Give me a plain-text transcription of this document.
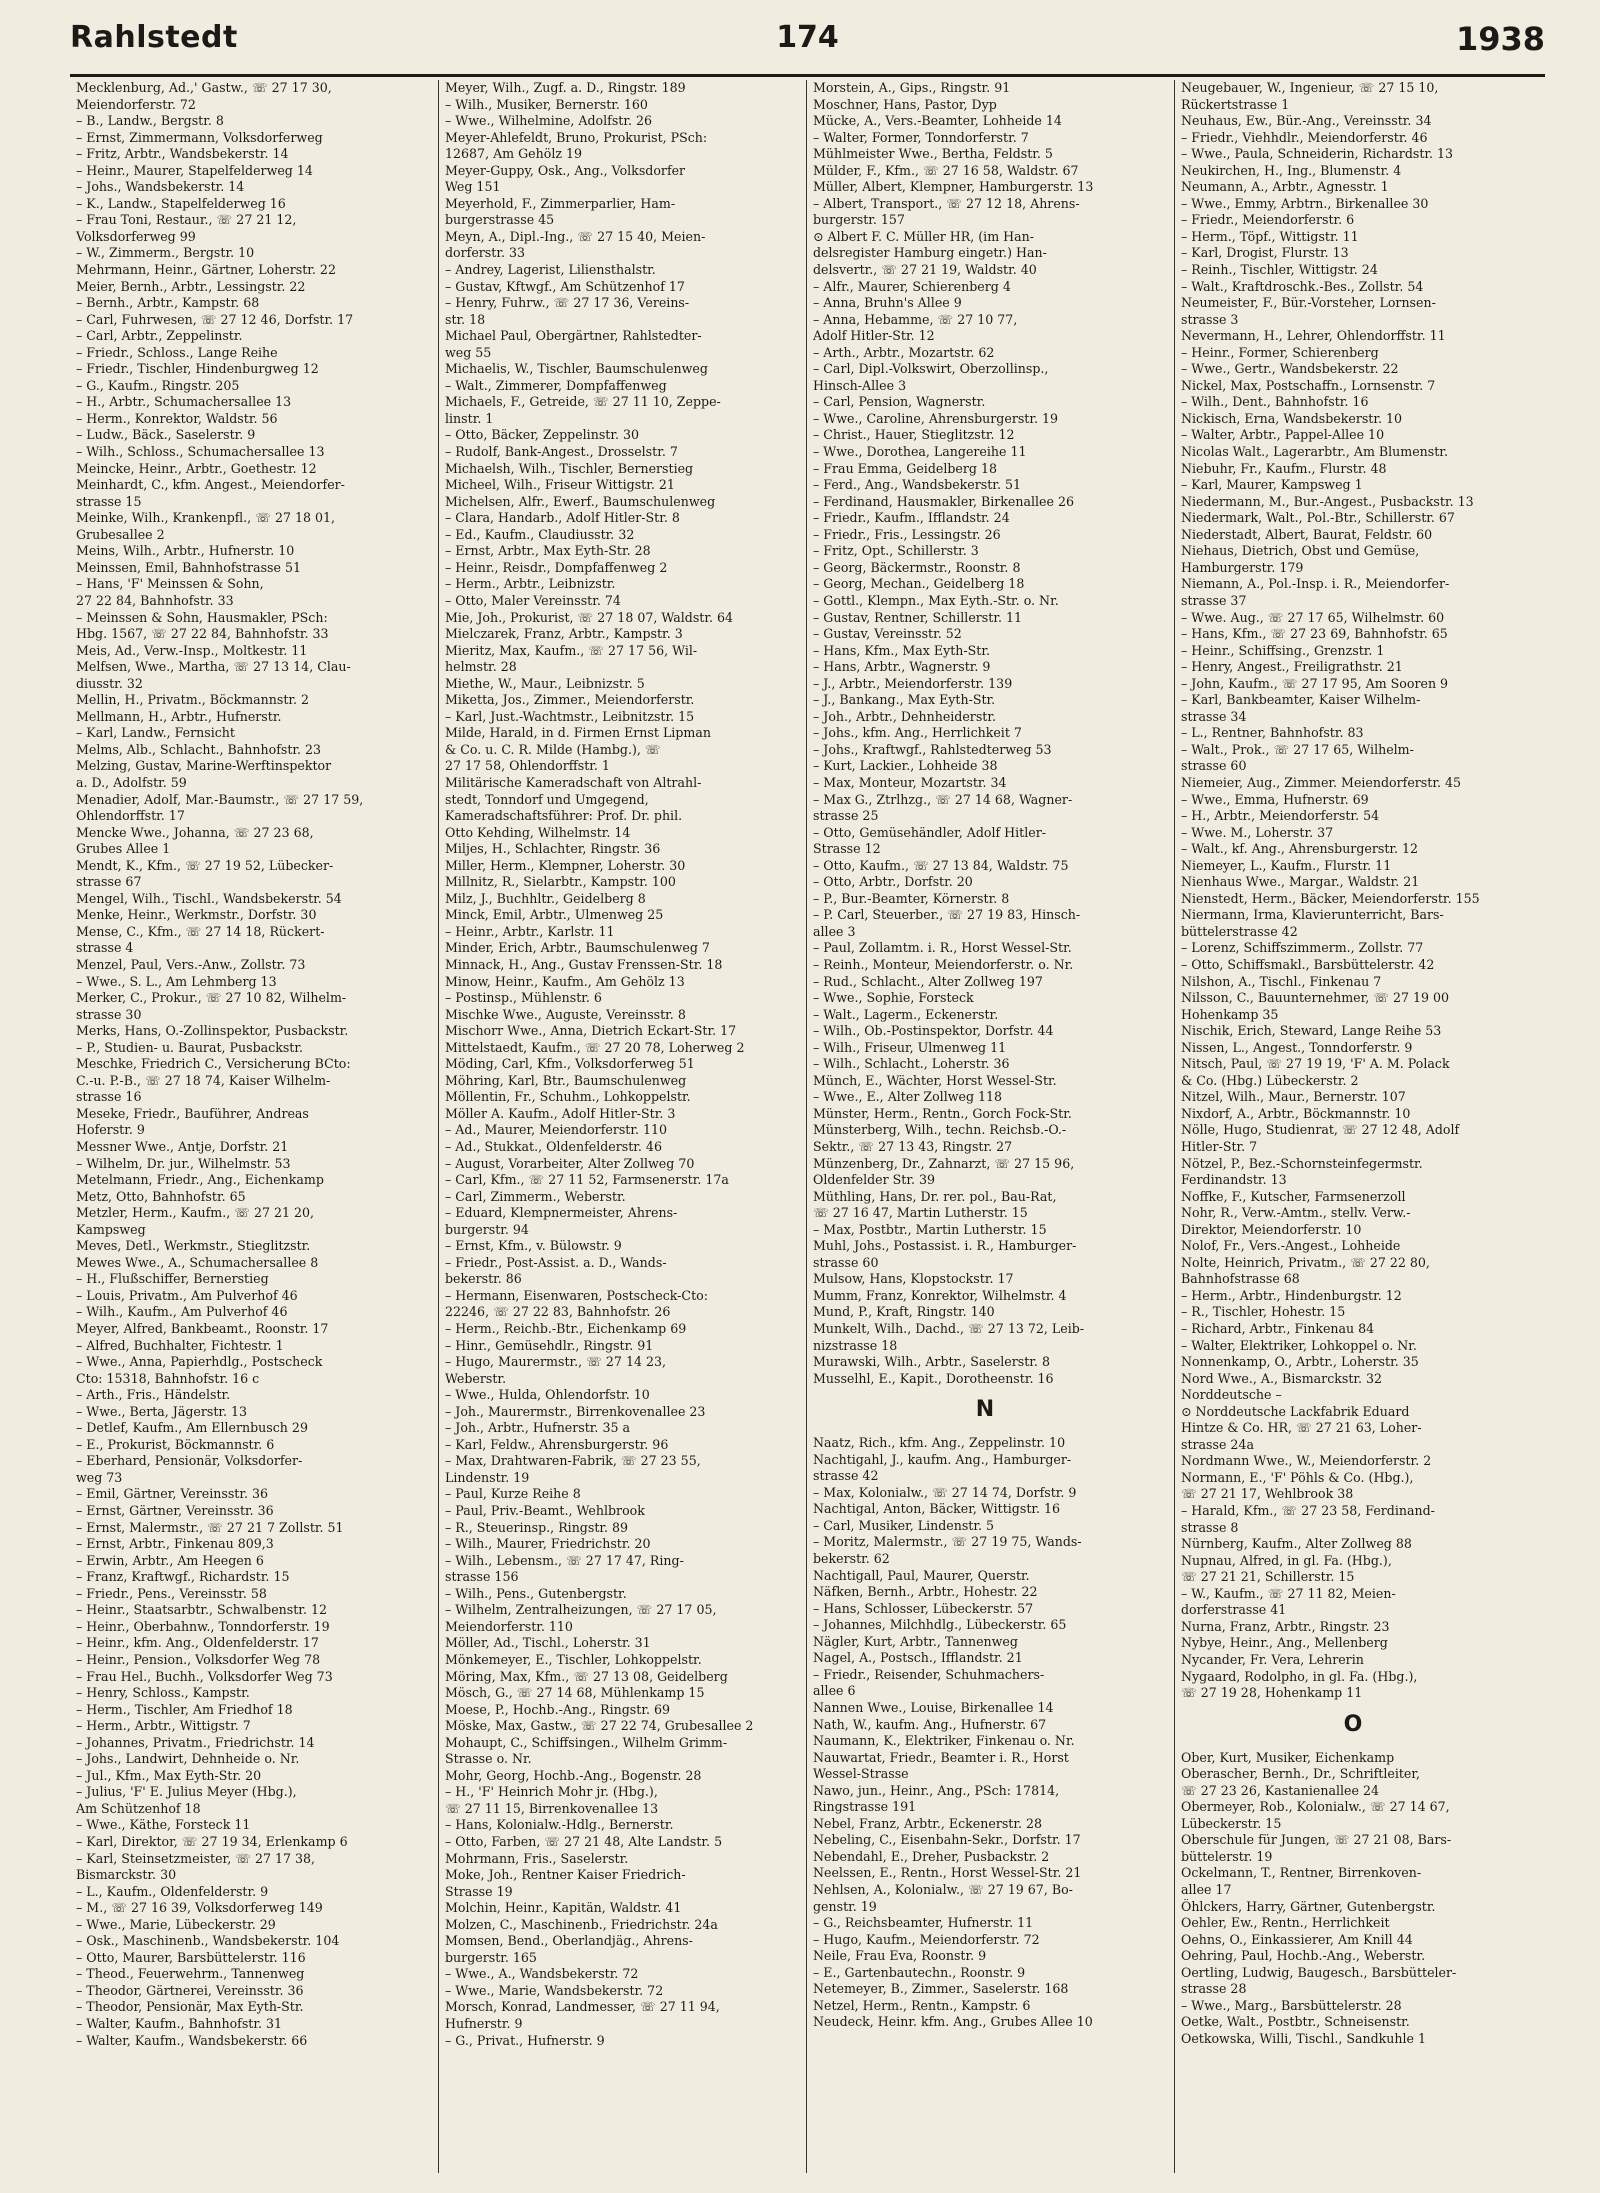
Rahlstedt	174	1938
Mecklenburg, Ad.,' Gastw., ☏ 27 17 30,
Meiendorferstr. 72
– B., Landw., Bergstr. 8
– Ernst, Zimmermann, Volksdorferweg
– Fritz, Arbtr., Wandsbekerstr. 14
– Heinr., Maurer, Stapelfelderweg 14
– Johs., Wandsbekerstr. 14
– K., Landw., Stapelfelderweg 16
– Frau Toni, Restaur., ☏ 27 21 12,
Volksdorferweg 99
– W., Zimmerm., Bergstr. 10
Mehrmann, Heinr., Gärtner, Loherstr. 22
Meier, Bernh., Arbtr., Lessingstr. 22
– Bernh., Arbtr., Kampstr. 68
– Carl, Fuhrwesen, ☏ 27 12 46, Dorfstr. 17
– Carl, Arbtr., Zeppelinstr.
– Friedr., Schloss., Lange Reihe
– Friedr., Tischler, Hindenburgweg 12
– G., Kaufm., Ringstr. 205
– H., Arbtr., Schumachersallee 13
– Herm., Konrektor, Waldstr. 56
– Ludw., Bäck., Saselerstr. 9
– Wilh., Schloss., Schumachersallee 13
Meincke, Heinr., Arbtr., Goethestr. 12
Meinhardt, C., kfm. Angest., Meiendorfer-
strasse 15
Meinke, Wilh., Krankenpfl., ☏ 27 18 01,
Grubesallee 2
Meins, Wilh., Arbtr., Hufnerstr. 10
Meinssen, Emil, Bahnhofstrasse 51
– Hans, 'F' Meinssen & Sohn,
27 22 84, Bahnhofstr. 33
– Meinssen & Sohn, Hausmakler, PSch:
Hbg. 1567, ☏ 27 22 84, Bahnhofstr. 33
Meis, Ad., Verw.-Insp., Moltkestr. 11
Melfsen, Wwe., Martha, ☏ 27 13 14, Clau-
diusstr. 32
Mellin, H., Privatm., Böckmannstr. 2
Mellmann, H., Arbtr., Hufnerstr.
– Karl, Landw., Fernsicht
Melms, Alb., Schlacht., Bahnhofstr. 23
Melzing, Gustav, Marine-Werftinspektor
a. D., Adolfstr. 59
Menadier, Adolf, Mar.-Baumstr., ☏ 27 17 59,
Ohlendorffstr. 17
Mencke Wwe., Johanna, ☏ 27 23 68,
Grubes Allee 1
Mendt, K., Kfm., ☏ 27 19 52, Lübecker-
strasse 67
Mengel, Wilh., Tischl., Wandsbekerstr. 54
Menke, Heinr., Werkmstr., Dorfstr. 30
Mense, C., Kfm., ☏ 27 14 18, Rückert-
strasse 4
Menzel, Paul, Vers.-Anw., Zollstr. 73
– Wwe., S. L., Am Lehmberg 13
Merker, C., Prokur., ☏ 27 10 82, Wilhelm-
strasse 30
Merks, Hans, O.-Zollinspektor, Pusbackstr.
– P., Studien- u. Baurat, Pusbackstr.
Meschke, Friedrich C., Versicherung BCto:
C.-u. P.-B., ☏ 27 18 74, Kaiser Wilhelm-
strasse 16
Meseke, Friedr., Bauführer, Andreas
Hoferstr. 9
Messner Wwe., Antje, Dorfstr. 21
– Wilhelm, Dr. jur., Wilhelmstr. 53
Metelmann, Friedr., Ang., Eichenkamp
Metz, Otto, Bahnhofstr. 65
Metzler, Herm., Kaufm., ☏ 27 21 20,
Kampsweg
Meves, Detl., Werkmstr., Stieglitzstr.
Mewes Wwe., A., Schumachersallee 8
– H., Flußschiffer, Bernerstieg
– Louis, Privatm., Am Pulverhof 46
– Wilh., Kaufm., Am Pulverhof 46
Meyer, Alfred, Bankbeamt., Roonstr. 17
– Alfred, Buchhalter, Fichtestr. 1
– Wwe., Anna, Papierhdlg., Postscheck
Cto: 15318, Bahnhofstr. 16 c
– Arth., Fris., Händelstr.
– Wwe., Berta, Jägerstr. 13
– Detlef, Kaufm., Am Ellernbusch 29
– E., Prokurist, Böckmannstr. 6
– Eberhard, Pensionär, Volksdorfer-
weg 73
– Emil, Gärtner, Vereinsstr. 36
– Ernst, Gärtner, Vereinsstr. 36
– Ernst, Malermstr., ☏ 27 21 7 Zollstr. 51
– Ernst, Arbtr., Finkenau 809,3
– Erwin, Arbtr., Am Heegen 6
– Franz, Kraftwgf., Richardstr. 15
– Friedr., Pens., Vereinsstr. 58
– Heinr., Staatsarbtr., Schwalbenstr. 12
– Heinr., Oberbahnw., Tonndorferstr. 19
– Heinr., kfm. Ang., Oldenfelderstr. 17
– Heinr., Pension., Volksdorfer Weg 78
– Frau Hel., Buchh., Volksdorfer Weg 73
– Henry, Schloss., Kampstr.
– Herm., Tischler, Am Friedhof 18
– Herm., Arbtr., Wittigstr. 7
– Johannes, Privatm., Friedrichstr. 14
– Johs., Landwirt, Dehnheide o. Nr.
– Jul., Kfm., Max Eyth-Str. 20
– Julius, 'F' E. Julius Meyer (Hbg.),
Am Schützenhof 18
– Wwe., Käthe, Forsteck 11
– Karl, Direktor, ☏ 27 19 34, Erlenkamp 6
– Karl, Steinsetzmeister, ☏ 27 17 38,
Bismarckstr. 30
– L., Kaufm., Oldenfelderstr. 9
– M., ☏ 27 16 39, Volksdorferweg 149
– Wwe., Marie, Lübeckerstr. 29
– Osk., Maschinenb., Wandsbekerstr. 104
– Otto, Maurer, Barsbüttelerstr. 116
– Theod., Feuerwehrm., Tannenweg
– Theodor, Gärtnerei, Vereinsstr. 36
– Theodor, Pensionär, Max Eyth-Str.
– Walter, Kaufm., Bahnhofstr. 31
– Walter, Kaufm., Wandsbekerstr. 66
Meyer, Wilh., Zugf. a. D., Ringstr. 189
– Wilh., Musiker, Bernerstr. 160
– Wwe., Wilhelmine, Adolfstr. 26
Meyer-Ahlefeldt, Bruno, Prokurist, PSch:
12687, Am Gehölz 19
Meyer-Guppy, Osk., Ang., Volksdorfer
Weg 151
Meyerhold, F., Zimmerparlier, Ham-
burgerstrasse 45
Meyn, A., Dipl.-Ing., ☏ 27 15 40, Meien-
dorferstr. 33
– Andrey, Lagerist, Liliensthalstr.
– Gustav, Kftwgf., Am Schützenhof 17
– Henry, Fuhrw., ☏ 27 17 36, Vereins-
str. 18
Michael Paul, Obergärtner, Rahlstedter-
weg 55
Michaelis, W., Tischler, Baumschulenweg
– Walt., Zimmerer, Dompfaffenweg
Michaels, F., Getreide, ☏ 27 11 10, Zeppe-
linstr. 1
– Otto, Bäcker, Zeppelinstr. 30
– Rudolf, Bank-Angest., Drosselstr. 7
Michaelsh, Wilh., Tischler, Bernerstieg
Micheel, Wilh., Friseur Wittigstr. 21
Michelsen, Alfr., Ewerf., Baumschulenweg
– Clara, Handarb., Adolf Hitler-Str. 8
– Ed., Kaufm., Claudiusstr. 32
– Ernst, Arbtr., Max Eyth-Str. 28
– Heinr., Reisdr., Dompfaffenweg 2
– Herm., Arbtr., Leibnizstr.
– Otto, Maler Vereinsstr. 74
Mie, Joh., Prokurist, ☏ 27 18 07, Waldstr. 64
Mielczarek, Franz, Arbtr., Kampstr. 3
Mieritz, Max, Kaufm., ☏ 27 17 56, Wil-
helmstr. 28
Miethe, W., Maur., Leibnizstr. 5
Miketta, Jos., Zimmer., Meiendorferstr.
– Karl, Just.-Wachtmstr., Leibnitzstr. 15
Milde, Harald, in d. Firmen Ernst Lipman
& Co. u. C. R. Milde (Hambg.), ☏
27 17 58, Ohlendorffstr. 1
Militärische Kameradschaft von Altrahl-
stedt, Tonndorf und Umgegend,
Kameradschaftsführer: Prof. Dr. phil.
Otto Kehding, Wilhelmstr. 14
Miljes, H., Schlachter, Ringstr. 36
Miller, Herm., Klempner, Loherstr. 30
Millnitz, R., Sielarbtr., Kampstr. 100
Milz, J., Buchhltr., Geidelberg 8
Minck, Emil, Arbtr., Ulmenweg 25
– Heinr., Arbtr., Karlstr. 11
Minder, Erich, Arbtr., Baumschulenweg 7
Minnack, H., Ang., Gustav Frenssen-Str. 18
Minow, Heinr., Kaufm., Am Gehölz 13
– Postinsp., Mühlenstr. 6
Mischke Wwe., Auguste, Vereinsstr. 8
Mischorr Wwe., Anna, Dietrich Eckart-Str. 17
Mittelstaedt, Kaufm., ☏ 27 20 78, Loherweg 2
Möding, Carl, Kfm., Volksdorferweg 51
Möhring, Karl, Btr., Baumschulenweg
Möllentin, Fr., Schuhm., Lohkoppelstr.
Möller A. Kaufm., Adolf Hitler-Str. 3
– Ad., Maurer, Meiendorferstr. 110
– Ad., Stukkat., Oldenfelderstr. 46
– August, Vorarbeiter, Alter Zollweg 70
– Carl, Kfm., ☏ 27 11 52, Farmsenerstr. 17a
– Carl, Zimmerm., Weberstr.
– Eduard, Klempnermeister, Ahrens-
burgerstr. 94
– Ernst, Kfm., v. Bülowstr. 9
– Friedr., Post-Assist. a. D., Wands-
bekerstr. 86
– Hermann, Eisenwaren, Postscheck-Cto:
22246, ☏ 27 22 83, Bahnhofstr. 26
– Herm., Reichb.-Btr., Eichenkamp 69
– Hinr., Gemüsehdlr., Ringstr. 91
– Hugo, Maurermstr., ☏ 27 14 23,
Weberstr.
– Wwe., Hulda, Ohlendorfstr. 10
– Joh., Maurermstr., Birrenkovenallee 23
– Joh., Arbtr., Hufnerstr. 35 a
– Karl, Feldw., Ahrensburgerstr. 96
– Max, Drahtwaren-Fabrik, ☏ 27 23 55,
Lindenstr. 19
– Paul, Kurze Reihe 8
– Paul, Priv.-Beamt., Wehlbrook
– R., Steuerinsp., Ringstr. 89
– Wilh., Maurer, Friedrichstr. 20
– Wilh., Lebensm., ☏ 27 17 47, Ring-
strasse 156
– Wilh., Pens., Gutenbergstr.
– Wilhelm, Zentralheizungen, ☏ 27 17 05,
Meiendorferstr. 110
Möller, Ad., Tischl., Loherstr. 31
Mönkemeyer, E., Tischler, Lohkoppelstr.
Möring, Max, Kfm., ☏ 27 13 08, Geidelberg
Mösch, G., ☏ 27 14 68, Mühlenkamp 15
Moese, P., Hochb.-Ang., Ringstr. 69
Möske, Max, Gastw., ☏ 27 22 74, Grubesallee 2
Mohaupt, C., Schiffsingen., Wilhelm Grimm-
Strasse o. Nr.
Mohr, Georg, Hochb.-Ang., Bogenstr. 28
– H., 'F' Heinrich Mohr jr. (Hbg.),
☏ 27 11 15, Birrenkovenallee 13
– Hans, Kolonialw.-Hdlg., Bernerstr.
– Otto, Farben, ☏ 27 21 48, Alte Landstr. 5
Mohrmann, Fris., Saselerstr.
Moke, Joh., Rentner Kaiser Friedrich-
Strasse 19
Molchin, Heinr., Kapitän, Waldstr. 41
Molzen, C., Maschinenb., Friedrichstr. 24a
Momsen, Bend., Oberlandjäg., Ahrens-
burgerstr. 165
– Wwe., A., Wandsbekerstr. 72
– Wwe., Marie, Wandsbekerstr. 72
Morsch, Konrad, Landmesser, ☏ 27 11 94,
Hufnerstr. 9
– G., Privat., Hufnerstr. 9
Morstein, A., Gips., Ringstr. 91
Moschner, Hans, Pastor, Dyp
Mücke, A., Vers.-Beamter, Lohheide 14
– Walter, Former, Tonndorferstr. 7
Mühlmeister Wwe., Bertha, Feldstr. 5
Mülder, F., Kfm., ☏ 27 16 58, Waldstr. 67
Müller, Albert, Klempner, Hamburgerstr. 13
– Albert, Transport., ☏ 27 12 18, Ahrens-
burgerstr. 157
⊙ Albert F. C. Müller HR, (im Han-
delsregister Hamburg eingetr.) Han-
delsvertr., ☏ 27 21 19, Waldstr. 40
– Alfr., Maurer, Schierenberg 4
– Anna, Bruhn's Allee 9
– Anna, Hebamme, ☏ 27 10 77,
Adolf Hitler-Str. 12
– Arth., Arbtr., Mozartstr. 62
– Carl, Dipl.-Volkswirt, Oberzollinsp.,
Hinsch-Allee 3
– Carl, Pension, Wagnerstr.
– Wwe., Caroline, Ahrensburgerstr. 19
– Christ., Hauer, Stieglitzstr. 12
– Wwe., Dorothea, Langereihe 11
– Frau Emma, Geidelberg 18
– Ferd., Ang., Wandsbekerstr. 51
– Ferdinand, Hausmakler, Birkenallee 26
– Friedr., Kaufm., Ifflandstr. 24
– Friedr., Fris., Lessingstr. 26
– Fritz, Opt., Schillerstr. 3
– Georg, Bäckermstr., Roonstr. 8
– Georg, Mechan., Geidelberg 18
– Gottl., Klempn., Max Eyth.-Str. o. Nr.
– Gustav, Rentner, Schillerstr. 11
– Gustav, Vereinsstr. 52
– Hans, Kfm., Max Eyth-Str.
– Hans, Arbtr., Wagnerstr. 9
– J., Arbtr., Meiendorferstr. 139
– J., Bankang., Max Eyth-Str.
– Joh., Arbtr., Dehnheiderstr.
– Johs., kfm. Ang., Herrlichkeit 7
– Johs., Kraftwgf., Rahlstedterweg 53
– Kurt, Lackier., Lohheide 38
– Max, Monteur, Mozartstr. 34
– Max G., Ztrlhzg., ☏ 27 14 68, Wagner-
strasse 25
– Otto, Gemüsehändler, Adolf Hitler-
Strasse 12
– Otto, Kaufm., ☏ 27 13 84, Waldstr. 75
– Otto, Arbtr., Dorfstr. 20
– P., Bur.-Beamter, Körnerstr. 8
– P. Carl, Steuerber., ☏ 27 19 83, Hinsch-
allee 3
– Paul, Zollamtm. i. R., Horst Wessel-Str.
– Reinh., Monteur, Meiendorferstr. o. Nr.
– Rud., Schlacht., Alter Zollweg 197
– Wwe., Sophie, Forsteck
– Walt., Lagerm., Eckenerstr.
– Wilh., Ob.-Postinspektor, Dorfstr. 44
– Wilh., Friseur, Ulmenweg 11
– Wilh., Schlacht., Loherstr. 36
Münch, E., Wächter, Horst Wessel-Str.
– Wwe., E., Alter Zollweg 118
Münster, Herm., Rentn., Gorch Fock-Str.
Münsterberg, Wilh., techn. Reichsb.-O.-
Sektr., ☏ 27 13 43, Ringstr. 27
Münzenberg, Dr., Zahnarzt, ☏ 27 15 96,
Oldenfelder Str. 39
Müthling, Hans, Dr. rer. pol., Bau-Rat,
☏ 27 16 47, Martin Lutherstr. 15
– Max, Postbtr., Martin Lutherstr. 15
Muhl, Johs., Postassist. i. R., Hamburger-
strasse 60
Mulsow, Hans, Klopstockstr. 17
Mumm, Franz, Konrektor, Wilhelmstr. 4
Mund, P., Kraft, Ringstr. 140
Munkelt, Wilh., Dachd., ☏ 27 13 72, Leib-
nizstrasse 18
Murawski, Wilh., Arbtr., Saselerstr. 8
Musselhl, E., Kapit., Dorotheenstr. 16
N
Naatz, Rich., kfm. Ang., Zeppelinstr. 10
Nachtigahl, J., kaufm. Ang., Hamburger-
strasse 42
– Max, Kolonialw., ☏ 27 14 74, Dorfstr. 9
Nachtigal, Anton, Bäcker, Wittigstr. 16
– Carl, Musiker, Lindenstr. 5
– Moritz, Malermstr., ☏ 27 19 75, Wands-
bekerstr. 62
Nachtigall, Paul, Maurer, Querstr.
Näfken, Bernh., Arbtr., Hohestr. 22
– Hans, Schlosser, Lübeckerstr. 57
– Johannes, Milchhdlg., Lübeckerstr. 65
Nägler, Kurt, Arbtr., Tannenweg
Nagel, A., Postsch., Ifflandstr. 21
– Friedr., Reisender, Schuhmachers-
allee 6
Nannen Wwe., Louise, Birkenallee 14
Nath, W., kaufm. Ang., Hufnerstr. 67
Naumann, K., Elektriker, Finkenau o. Nr.
Nauwartat, Friedr., Beamter i. R., Horst
Wessel-Strasse
Nawo, jun., Heinr., Ang., PSch: 17814,
Ringstrasse 191
Nebel, Franz, Arbtr., Eckenerstr. 28
Nebeling, C., Eisenbahn-Sekr., Dorfstr. 17
Nebendahl, E., Dreher, Pusbackstr. 2
Neelssen, E., Rentn., Horst Wessel-Str. 21
Nehlsen, A., Kolonialw., ☏ 27 19 67, Bo-
genstr. 19
– G., Reichsbeamter, Hufnerstr. 11
– Hugo, Kaufm., Meiendorferstr. 72
Neile, Frau Eva, Roonstr. 9
– E., Gartenbautechn., Roonstr. 9
Netemeyer, B., Zimmer., Saselerstr. 168
Netzel, Herm., Rentn., Kampstr. 6
Neudeck, Heinr. kfm. Ang., Grubes Allee 10
Neugebauer, W., Ingenieur, ☏ 27 15 10,
Rückertstrasse 1
Neuhaus, Ew., Bür.-Ang., Vereinsstr. 34
– Friedr., Viehhdlr., Meiendorferstr. 46
– Wwe., Paula, Schneiderin, Richardstr. 13
Neukirchen, H., Ing., Blumenstr. 4
Neumann, A., Arbtr., Agnesstr. 1
– Wwe., Emmy, Arbtrn., Birkenallee 30
– Friedr., Meiendorferstr. 6
– Herm., Töpf., Wittigstr. 11
– Karl, Drogist, Flurstr. 13
– Reinh., Tischler, Wittigstr. 24
– Walt., Kraftdroschk.-Bes., Zollstr. 54
Neumeister, F., Bür.-Vorsteher, Lornsen-
strasse 3
Nevermann, H., Lehrer, Ohlendorffstr. 11
– Heinr., Former, Schierenberg
– Wwe., Gertr., Wandsbekerstr. 22
Nickel, Max, Postschaffn., Lornsenstr. 7
– Wilh., Dent., Bahnhofstr. 16
Nickisch, Erna, Wandsbekerstr. 10
– Walter, Arbtr., Pappel-Allee 10
Nicolas Walt., Lagerarbtr., Am Blumenstr.
Niebuhr, Fr., Kaufm., Flurstr. 48
– Karl, Maurer, Kampsweg 1
Niedermann, M., Bur.-Angest., Pusbackstr. 13
Niedermark, Walt., Pol.-Btr., Schillerstr. 67
Niederstadt, Albert, Baurat, Feldstr. 60
Niehaus, Dietrich, Obst und Gemüse,
Hamburgerstr. 179
Niemann, A., Pol.-Insp. i. R., Meiendorfer-
strasse 37
– Wwe. Aug., ☏ 27 17 65, Wilhelmstr. 60
– Hans, Kfm., ☏ 27 23 69, Bahnhofstr. 65
– Heinr., Schiffsing., Grenzstr. 1
– Henry, Angest., Freiligrathstr. 21
– John, Kaufm., ☏ 27 17 95, Am Sooren 9
– Karl, Bankbeamter, Kaiser Wilhelm-
strasse 34
– L., Rentner, Bahnhofstr. 83
– Walt., Prok., ☏ 27 17 65, Wilhelm-
strasse 60
Niemeier, Aug., Zimmer. Meiendorferstr. 45
– Wwe., Emma, Hufnerstr. 69
– H., Arbtr., Meiendorferstr. 54
– Wwe. M., Loherstr. 37
– Walt., kf. Ang., Ahrensburgerstr. 12
Niemeyer, L., Kaufm., Flurstr. 11
Nienhaus Wwe., Margar., Waldstr. 21
Nienstedt, Herm., Bäcker, Meiendorferstr. 155
Niermann, Irma, Klavierunterricht, Bars-
büttelerstrasse 42
– Lorenz, Schiffszimmerm., Zollstr. 77
– Otto, Schiffsmakl., Barsbüttelerstr. 42
Nilshon, A., Tischl., Finkenau 7
Nilsson, C., Bauunternehmer, ☏ 27 19 00
Hohenkamp 35
Nischik, Erich, Steward, Lange Reihe 53
Nissen, L., Angest., Tonndorferstr. 9
Nitsch, Paul, ☏ 27 19 19, 'F' A. M. Polack
& Co. (Hbg.) Lübeckerstr. 2
Nitzel, Wilh., Maur., Bernerstr. 107
Nixdorf, A., Arbtr., Böckmannstr. 10
Nölle, Hugo, Studienrat, ☏ 27 12 48, Adolf
Hitler-Str. 7
Nötzel, P., Bez.-Schornsteinfegermstr.
Ferdinandstr. 13
Noffke, F., Kutscher, Farmsenerzoll
Nohr, R., Verw.-Amtm., stellv. Verw.-
Direktor, Meiendorferstr. 10
Nolof, Fr., Vers.-Angest., Lohheide
Nolte, Heinrich, Privatm., ☏ 27 22 80,
Bahnhofstrasse 68
– Herm., Arbtr., Hindenburgstr. 12
– R., Tischler, Hohestr. 15
– Richard, Arbtr., Finkenau 84
– Walter, Elektriker, Lohkoppel o. Nr.
Nonnenkamp, O., Arbtr., Loherstr. 35
Nord Wwe., A., Bismarckstr. 32
Norddeutsche –
⊙ Norddeutsche Lackfabrik Eduard
Hintze & Co. HR, ☏ 27 21 63, Loher-
strasse 24a
Nordmann Wwe., W., Meiendorferstr. 2
Normann, E., 'F' Pöhls & Co. (Hbg.),
☏ 27 21 17, Wehlbrook 38
– Harald, Kfm., ☏ 27 23 58, Ferdinand-
strasse 8
Nürnberg, Kaufm., Alter Zollweg 88
Nupnau, Alfred, in gl. Fa. (Hbg.),
☏ 27 21 21, Schillerstr. 15
– W., Kaufm., ☏ 27 11 82, Meien-
dorferstrasse 41
Nurna, Franz, Arbtr., Ringstr. 23
Nybye, Heinr., Ang., Mellenberg
Nycander, Fr. Vera, Lehrerin
Nygaard, Rodolpho, in gl. Fa. (Hbg.),
☏ 27 19 28, Hohenkamp 11
O
Ober, Kurt, Musiker, Eichenkamp
Oberascher, Bernh., Dr., Schriftleiter,
☏ 27 23 26, Kastanienallee 24
Obermeyer, Rob., Kolonialw., ☏ 27 14 67,
Lübeckerstr. 15
Oberschule für Jungen, ☏ 27 21 08, Bars-
büttelerstr. 19
Ockelmann, T., Rentner, Birrenkoven-
allee 17
Öhlckers, Harry, Gärtner, Gutenbergstr.
Oehler, Ew., Rentn., Herrlichkeit
Oehns, O., Einkassierer, Am Knill 44
Oehring, Paul, Hochb.-Ang., Weberstr.
Oertling, Ludwig, Baugesch., Barsbütteler-
strasse 28
– Wwe., Marg., Barsbüttelerstr. 28
Oetke, Walt., Postbtr., Schneisenstr.
Oetkowska, Willi, Tischl., Sandkuhle 1
